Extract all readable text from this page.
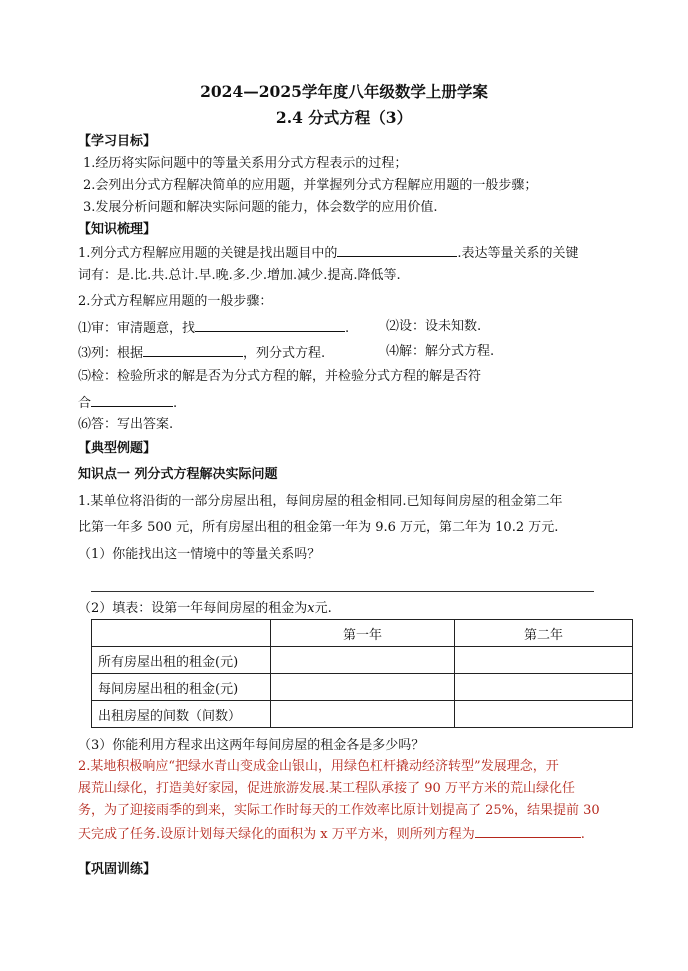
2024—2025学年度八年级数学上册学案
2.4 分式方程（3）
【学习目标】
1.经历将实际问题中的等量关系用分式方程表示的过程；
2.会列出分式方程解决简单的应用题，并掌握列分式方程解应用题的一般步骤；
3.发展分析问题和解决实际问题的能力，体会数学的应用价值.
【知识梳理】
1.列分式方程解应用题的关键是找出题目中的	.表达等量关系的关键
词有：是.比.共.总计.早.晚.多.少.增加.减少.提高.降低等.
2.分式方程解应用题的一般步骤：
⑴审：审清题意，找	.	⑵设：设未知数.
⑶列：根据	，列分式方程.	⑷解：解分式方程.
⑸检：检验所求的解是否为分式方程的解，并检验分式方程的解是否符
合	.
⑹答：写出答案.
【典型例题】
知识点一 列分式方程解决实际问题
1.某单位将沿街的一部分房屋出租，每间房屋的租金相同.已知每间房屋的租金第二年
比第一年多 500 元，所有房屋出租的租金第一年为 9.6 万元，第二年为 10.2 万元.
（1）你能找出这一情境中的等量关系吗？
（2）填表：设第一年每间房屋的租金为x元.
	第一年	第二年
所有房屋出租的租金(元)		
每间房屋出租的租金(元)		
出租房屋的间数（间数）		
（3）你能利用方程求出这两年每间房屋的租金各是多少吗？
2.某地积极响应“把绿水青山变成金山银山，用绿色杠杆撬动经济转型”发展理念，开
展荒山绿化，打造美好家园，促进旅游发展.某工程队承接了 90 万平方米的荒山绿化任
务，为了迎接雨季的到来，实际工作时每天的工作效率比原计划提高了 25%，结果提前 30
天完成了任务.设原计划每天绿化的面积为 x 万平方米，则所列方程为	.
【巩固训练】
